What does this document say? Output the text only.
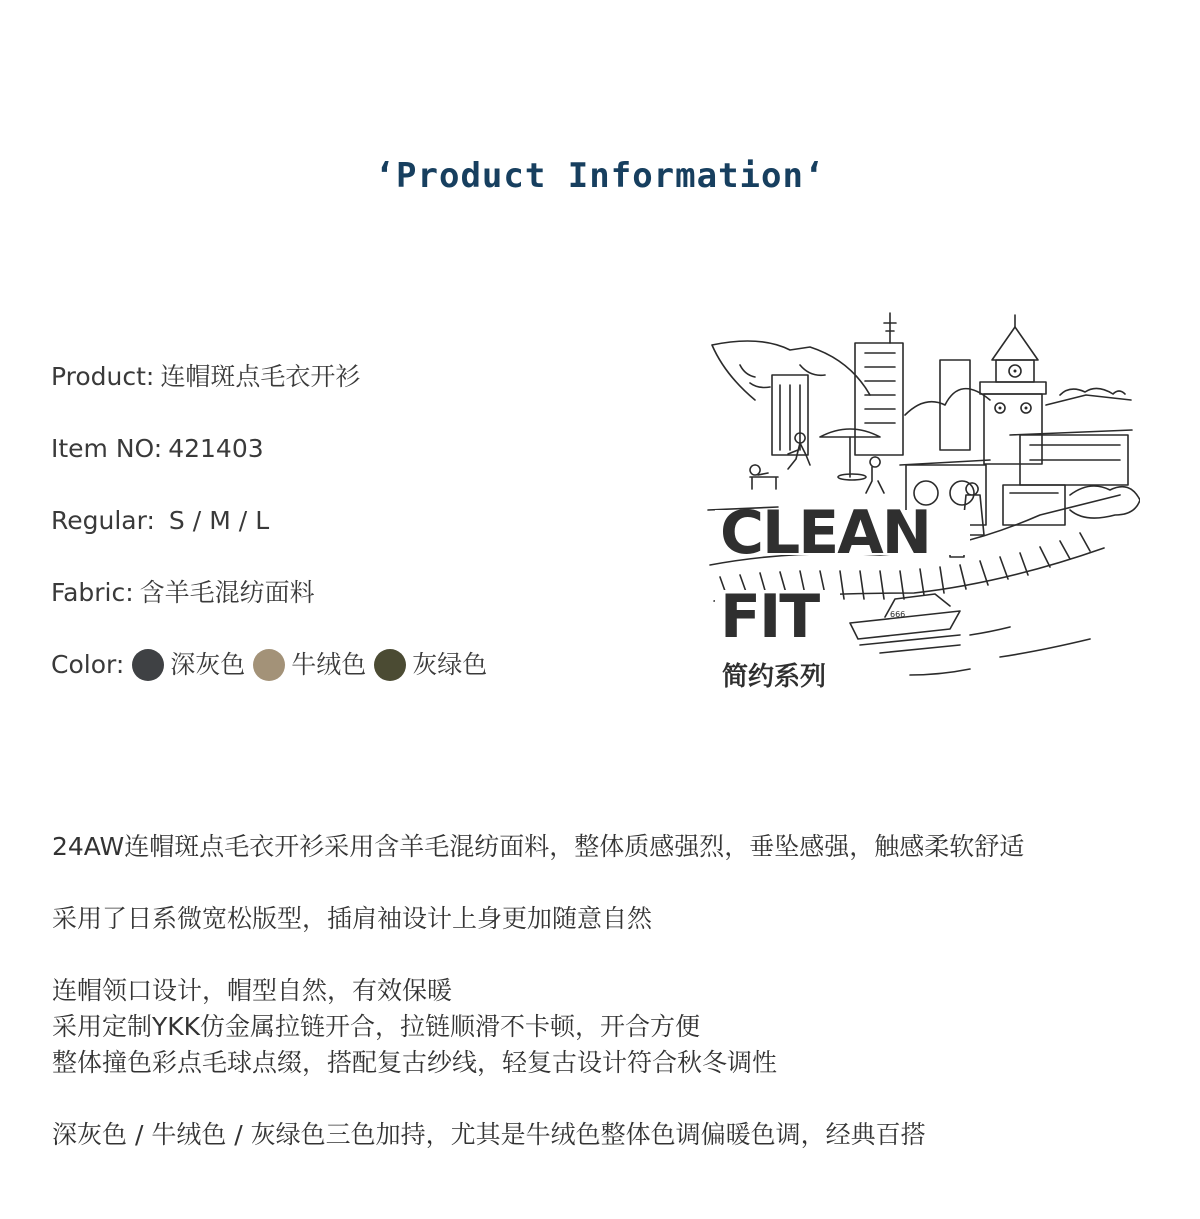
‘Product Information‘
Product: 连帽斑点毛衣开衫
Item NO: 421403
Regular: S / M / L
Fabric: 含羊毛混纺面料
Color: 深灰色 牛绒色 灰绿色
CLEAN
FIT	666
简约系列
24AW连帽斑点毛衣开衫采用含羊毛混纺面料，整体质感强烈，垂坠感强，触感柔软舒适
采用了日系微宽松版型，插肩袖设计上身更加随意自然
连帽领口设计，帽型自然，有效保暖
采用定制YKK仿金属拉链开合，拉链顺滑不卡顿，开合方便
整体撞色彩点毛球点缀，搭配复古纱线，轻复古设计符合秋冬调性
深灰色 / 牛绒色 / 灰绿色三色加持，尤其是牛绒色整体色调偏暖色调，经典百搭
